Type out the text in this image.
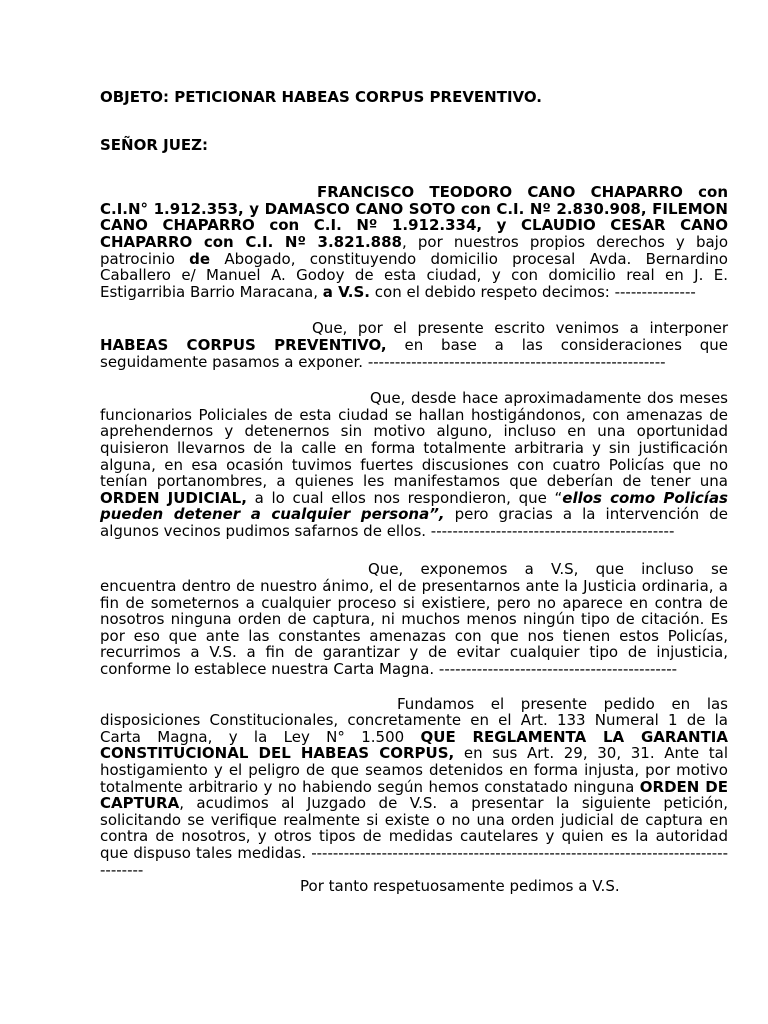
OBJETO: PETICIONAR HABEAS CORPUS PREVENTIVO.

SEÑOR JUEZ:

FRANCISCO TEODORO CANO CHAPARRO con C.I.N° 1.912.353, y DAMASCO CANO SOTO con C.I. Nº 2.830.908, FILEMON CANO CHAPARRO con C.I. Nº 1.912.334, y CLAUDIO CESAR CANO CHAPARRO con C.I. Nº 3.821.888, por nuestros propios derechos y bajo patrocinio de Abogado, constituyendo domicilio procesal Avda. Bernardino Caballero e/ Manuel A. Godoy de esta ciudad, y con domicilio real en J. E. Estigarribia Barrio Maracana, a V.S. con el debido respeto decimos: ---------------

Que, por el presente escrito venimos a interponer HABEAS CORPUS PREVENTIVO, en base a las consideraciones que seguidamente pasamos a exponer. -------------------------------------------------------

Que, desde hace aproximadamente dos meses funcionarios Policiales de esta ciudad se hallan hostigándonos, con amenazas de aprehendernos y detenernos sin motivo alguno, incluso en una oportunidad quisieron llevarnos de la calle en forma totalmente arbitraria y sin justificación alguna, en esa ocasión tuvimos fuertes discusiones con cuatro Policías que no tenían portanombres, a quienes les manifestamos que deberían de tener una ORDEN JUDICIAL, a lo cual ellos nos respondieron, que “ellos como Policías pueden detener a cualquier persona”, pero gracias a la intervención de algunos vecinos pudimos safarnos de ellos. ---------------------------------------------

Que, exponemos a V.S, que incluso se encuentra dentro de nuestro ánimo, el de presentarnos ante la Justicia ordinaria, a fin de someternos a cualquier proceso si existiere, pero no aparece en contra de nosotros ninguna orden de captura, ni muchos menos ningún tipo de citación. Es por eso que ante las constantes amenazas con que nos tienen estos Policías, recurrimos a V.S. a fin de garantizar y de evitar cualquier tipo de injusticia, conforme lo establece nuestra Carta Magna. --------------------------------------------

Fundamos el presente pedido en las disposiciones Constitucionales, concretamente en el Art. 133 Numeral 1 de la Carta Magna, y la Ley N° 1.500 QUE REGLAMENTA LA GARANTIA CONSTITUCIONAL DEL HABEAS CORPUS, en sus Art. 29, 30, 31. Ante tal hostigamiento y el peligro de que seamos detenidos en forma injusta, por motivo totalmente arbitrario y no habiendo según hemos constatado ninguna ORDEN DE CAPTURA, acudimos al Juzgado de V.S. a presentar la siguiente petición, solicitando se verifique realmente si existe o no una orden judicial de captura en contra de nosotros, y otros tipos de medidas cautelares y quien es la autoridad que dispuso tales medidas. -------------------------------------------------------------------------------------

Por tanto respetuosamente pedimos a V.S.
